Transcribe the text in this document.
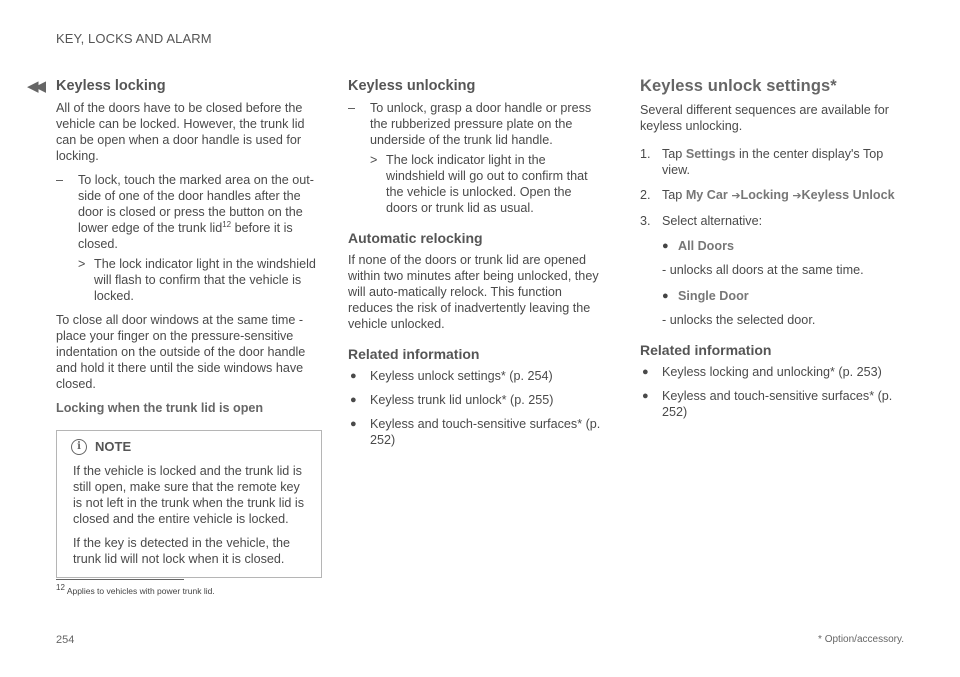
KEY, LOCKS AND ALARM
◀◀ Keyless locking

All of the doors have to be closed before the vehicle can be locked. However, the trunk lid can be open when a door handle is used for locking.

– To lock, touch the marked area on the out-side of one of the door handles after the door is closed or press the button on the lower edge of the trunk lid$^{12}$ before it is closed.
> The lock indicator light in the windshield will flash to confirm that the vehicle is locked.

To close all door windows at the same time - place your finger on the pressure-sensitive indentation on the outside of the door handle and hold it there until the side windows have closed.

Locking when the trunk lid is open
i	NOTE

If the vehicle is locked and the trunk lid is still open, make sure that the remote key is not left in the trunk when the trunk lid is closed and the entire vehicle is locked.

If the key is detected in the vehicle, the trunk lid will not lock when it is closed.

Keyless unlocking
– To unlock, grasp a door handle or press the rubberized pressure plate on the underside of the trunk lid handle.
> The lock indicator light in the windshield will go out to confirm that the vehicle is unlocked. Open the doors or trunk lid as usual.
Automatic relocking

If none of the doors or trunk lid are opened within two minutes after being unlocked, they will auto-matically relock. This function reduces the risk of inadvertently leaving the vehicle unlocked.

Related information
● Keyless unlock settings* (p. 254)
● Keyless trunk lid unlock* (p. 255)
● Keyless and touch-sensitive surfaces* (p. 252)
Keyless unlock settings*

Several different sequences are available for keyless unlocking.

1. Tap Settings in the center display's Top view.
2. Tap My Car ➔Locking ➔Keyless Unlock
3. Select alternative:
● All Doors
- unlocks all doors at the same time.
● Single Door
- unlocks the selected door.
Related information
● Keyless locking and unlocking* (p. 253)
● Keyless and touch-sensitive surfaces* (p. 252)
$^{12}$ Applies to vehicles with power trunk lid.
254	* Option/accessory.
